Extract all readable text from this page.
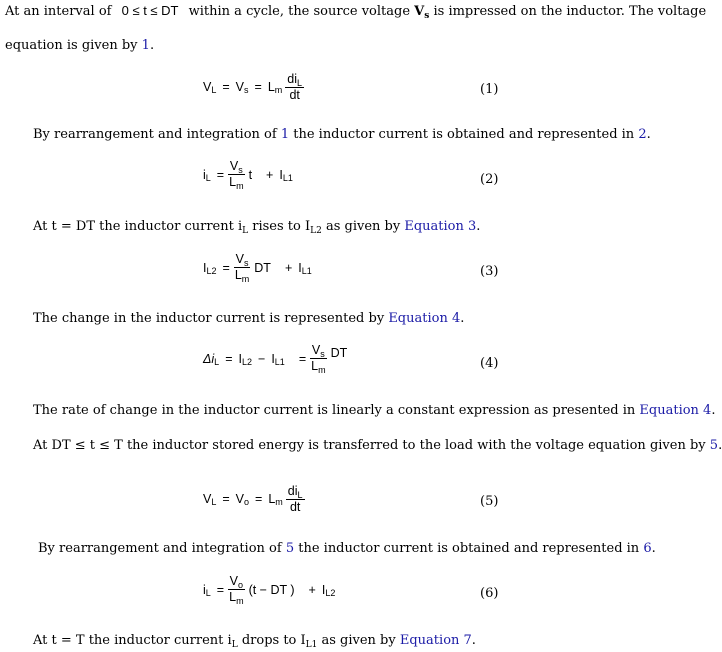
At an interval of 0 ≤ t ≤ DT within a cycle, the source voltage $V_s$ is impressed on the inductor. The voltage
equation is given by 1.
V L = V s = L m $\frac{di_L}{dt}$	(1)
By rearrangement and integration of 1 the inductor current is obtained and represented in 2.
i $L = \frac{V_s}{L_m}$ t + I L1	(2)
At t = DT the inductor current $i_L$ rises to $I_{L2}$ as given by Equation 3.
I $L2 = \frac{V_s}{L_m}$ DT + I L1	(3)
The change in the inductor current is represented by Equation 4.
Δi L = I L2 − I $L1 = \frac{V_s}{L_m}$ DT
(4)
The rate of change in the inductor current is linearly a constant expression as presented in Equation 4.
At DT ≤ t ≤ T the inductor stored energy is transferred to the load with the voltage equation given by 5.
V L = V o = L m $\frac{di_L}{dt}$	(5)
By rearrangement and integration of 5 the inductor current is obtained and represented in 6.
i $L = \frac{V_o}{L_m} (t$ − DT ) + I L2	(6)
At t = T the inductor current $i_L$ drops to $I_{L1}$ as given by Equation 7.
